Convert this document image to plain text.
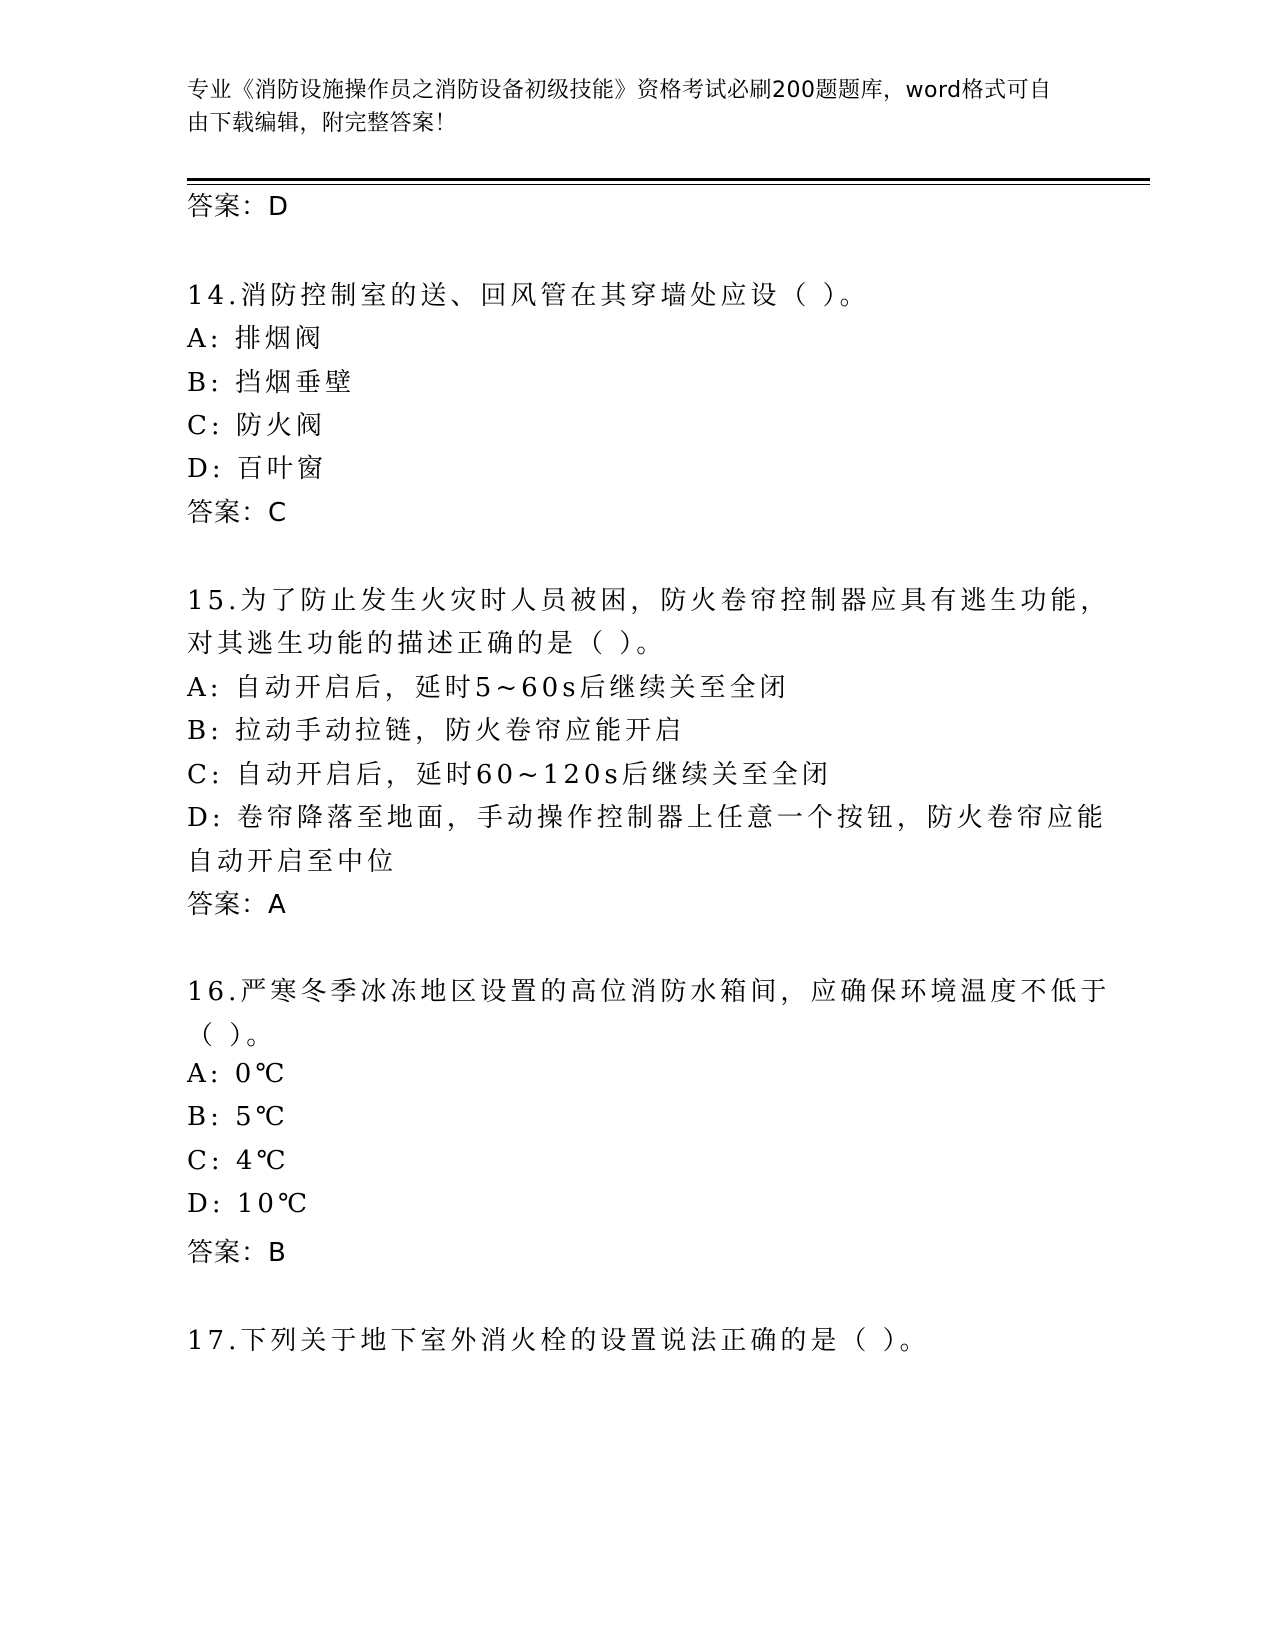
专业《消防设施操作员之消防设备初级技能》资格考试必刷200题题库，word格式可自由下载编辑，附完整答案！
答案：D
14.消防控制室的送、回风管在其穿墙处应设（ ）。
A: 排烟阀
B: 挡烟垂壁
C: 防火阀
D: 百叶窗
答案：C
15.为了防止发生火灾时人员被困，防火卷帘控制器应具有逃生功能，
对其逃生功能的描述正确的是（ ）。
A: 自动开启后，延时5~60s后继续关至全闭
B: 拉动手动拉链，防火卷帘应能开启
C: 自动开启后，延时60~120s后继续关至全闭
D: 卷帘降落至地面，手动操作控制器上任意一个按钮，防火卷帘应能
自动开启至中位
答案：A
16.严寒冬季冰冻地区设置的高位消防水箱间，应确保环境温度不低于
（ ）。
A: 0℃
B: 5℃
C: 4℃
D: 10℃
答案：B
17.下列关于地下室外消火栓的设置说法正确的是（ ）。
